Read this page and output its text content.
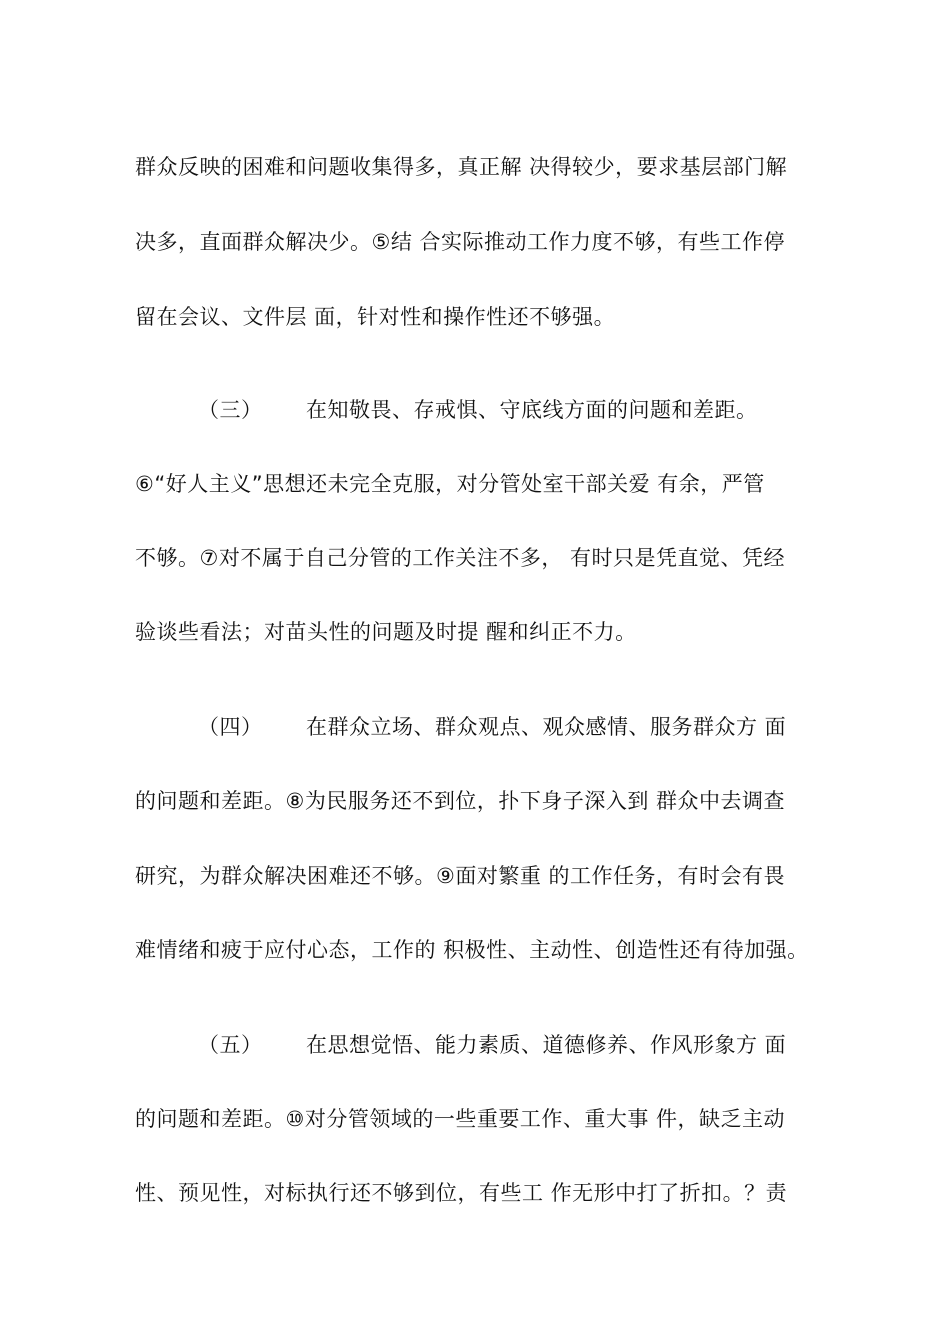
群众反映的困难和问题收集得多，真正解 决得较少，要求基层部门解
决多，直面群众解决少。⑤结 合实际推动工作力度不够，有些工作停
留在会议、文件层 面，针对性和操作性还不够强。
（三） 在知敬畏、存戒惧、守底线方面的问题和差距。
⑥“好人主义”思想还未完全克服，对分管处室干部关爱 有余，严管
不够。⑦对不属于自己分管的工作关注不多， 有时只是凭直觉、凭经
验谈些看法；对苗头性的问题及时提 醒和纠正不力。
（四） 在群众立场、群众观点、观众感情、服务群众方 面
的问题和差距。⑧为民服务还不到位，扑下身子深入到 群众中去调查
研究，为群众解决困难还不够。⑨面对繁重 的工作任务，有时会有畏
难情绪和疲于应付心态，工作的 积极性、主动性、创造性还有待加强。
（五） 在思想觉悟、能力素质、道德修养、作风形象方 面
的问题和差距。⑩对分管领域的一些重要工作、重大事 件，缺乏主动
性、预见性，对标执行还不够到位，有些工 作无形中打了折扣。？责
